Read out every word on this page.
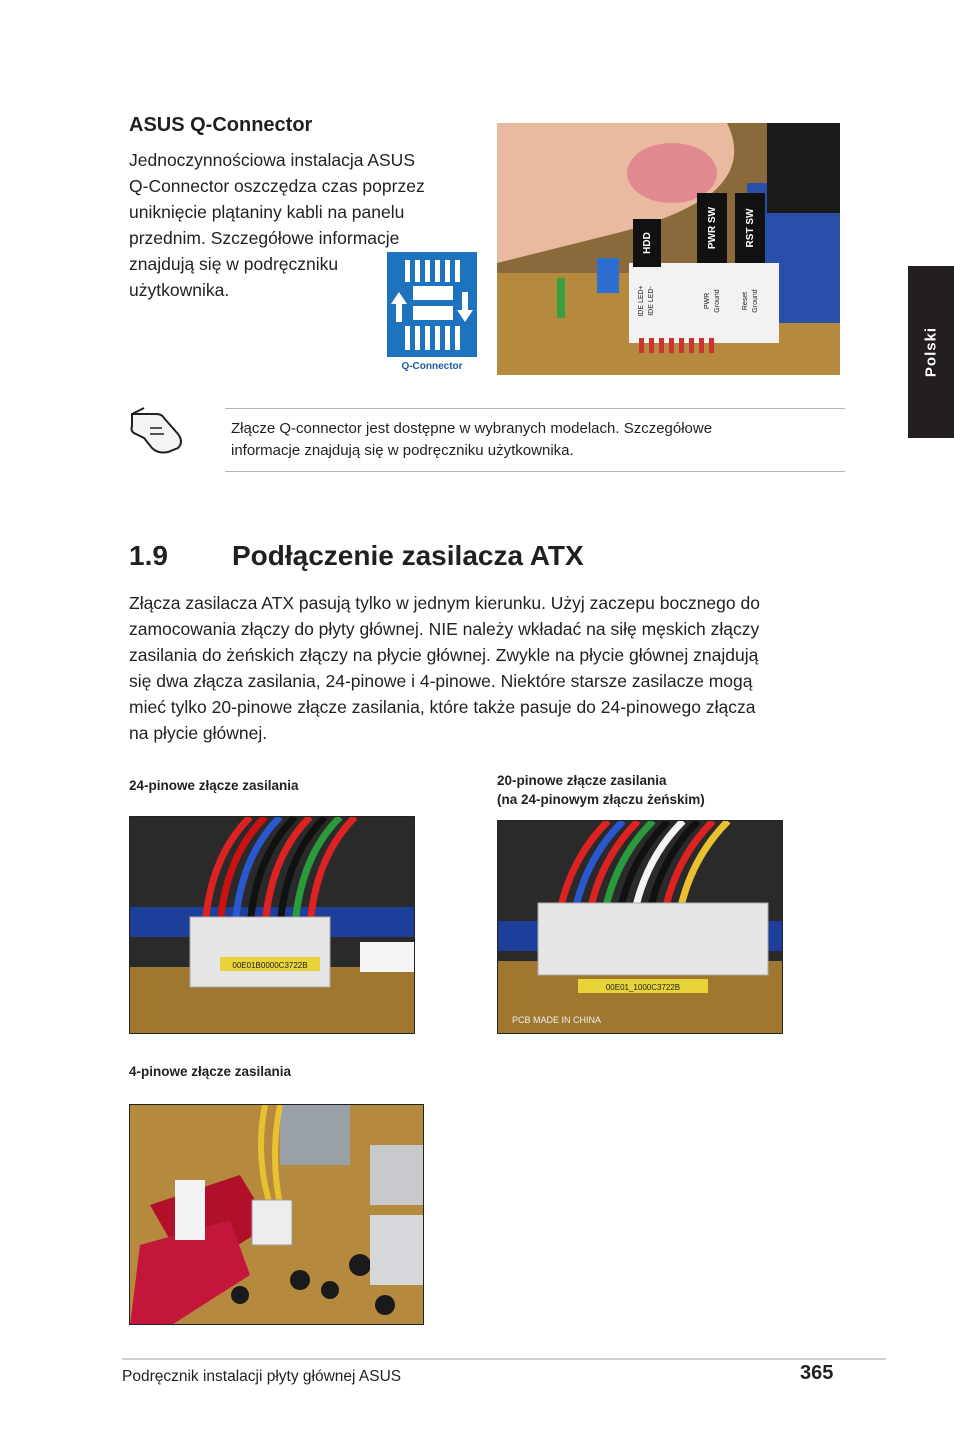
Polski
ASUS Q-Connector
Jednoczynnościowa instalacja ASUS
Q-Connector oszczędza czas poprzez
uniknięcie plątaniny kabli na panelu
przednim. Szczegółowe informacje
znajdują się w podręczniku
użytkownika.
Q-Connector
HDD	PWR SW	RST SW
IDE LED+ IDE LED-	PWR Ground	Reset Ground
Złącze Q-connector jest dostępne w wybranych modelach. Szczegółowe
informacje znajdują się w podręczniku użytkownika.
1.9 Podłączenie zasilacza ATX
Złącza zasilacza ATX pasują tylko w jednym kierunku. Użyj zaczepu bocznego do
zamocowania złączy do płyty głównej. NIE należy wkładać na siłę męskich złączy
zasilania do żeńskich złączy na płycie głównej. Zwykle na płycie głównej znajdują
się dwa złącza zasilania, 24-pinowe i 4-pinowe. Niektóre starsze zasilacze mogą
mieć tylko 20-pinowe złącze zasilania, które także pasuje do 24-pinowego złącza
na płycie głównej.
24-pinowe złącze zasilania	20-pinowe złącze zasilania
(na 24-pinowym złączu żeńskim)
4-pinowe złącze zasilania
00E01B0000C3722B
00E01_1000C3722B
PCB MADE IN CHINA
Podręcznik instalacji płyty głównej ASUS	365
